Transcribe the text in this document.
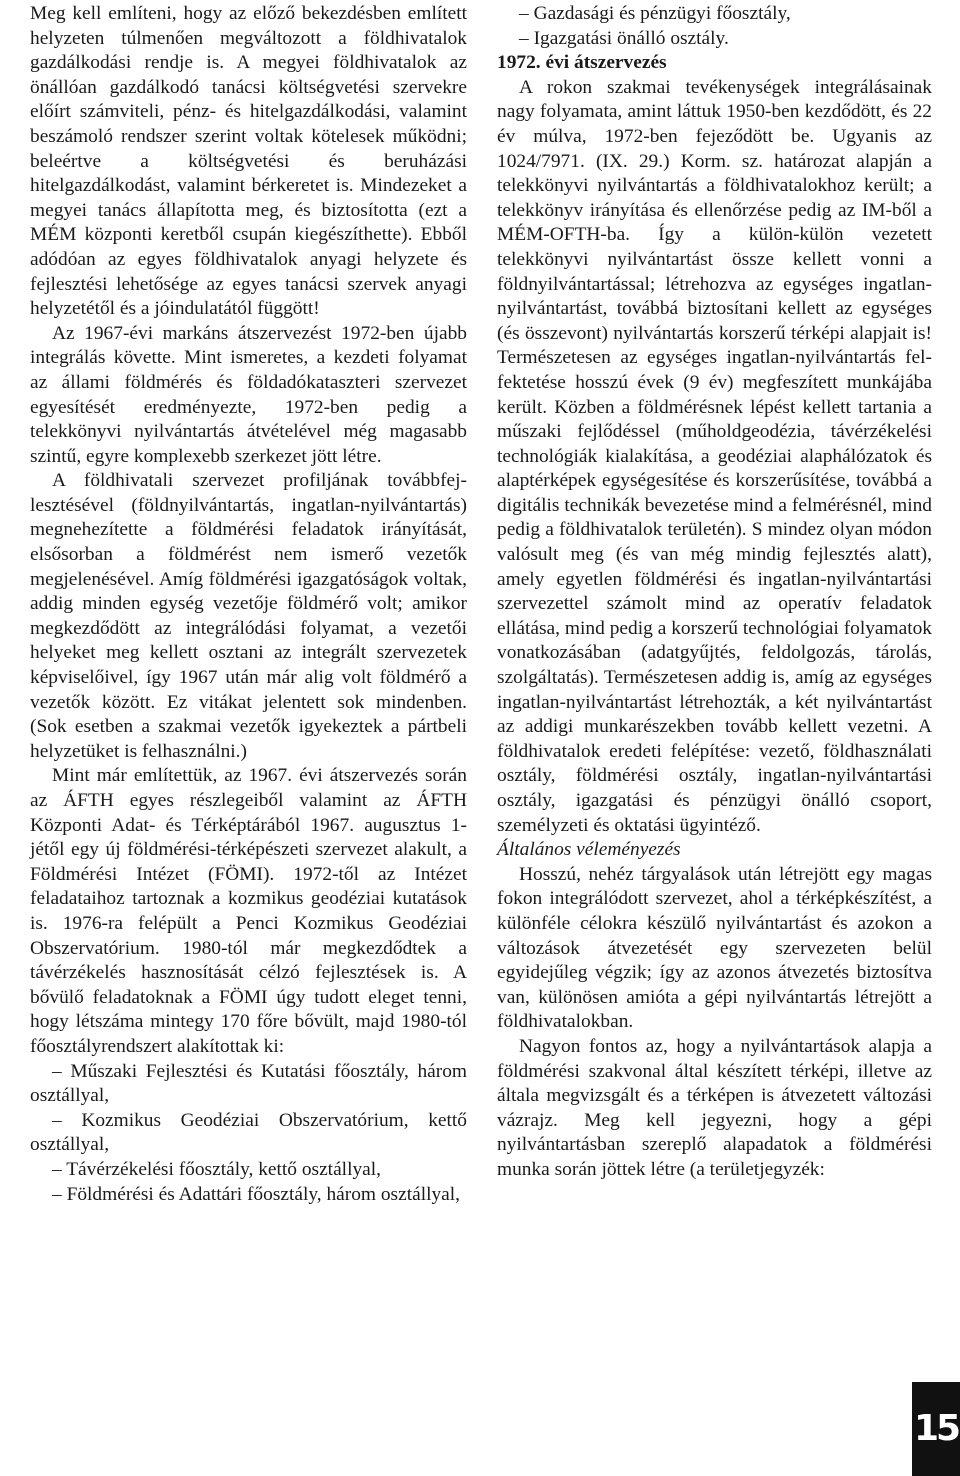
Meg kell említeni, hogy az előző bekezdésben említett helyzeten túlmenően megváltozott a földhivatalok gazdálkodási rendje is. A megyei földhivatalok az önállóan gazdálkodó tanácsi költségvetési szervekre előírt számviteli, pénz- és hitelgazdálkodási, valamint beszámoló rendszer szerint voltak kötelesek működni; beleértve a költségvetési és beruházási hitelgazdálkodást, valamint bérkeretet is. Mindezeket a megyei tanács állapította meg, és biztosította (ezt a MÉM központi keretből csupán kiegészíthette). Ebből adódóan az egyes földhivatalok anyagi helyzete és fejlesztési lehetősége az egyes tanácsi szervek anyagi helyzetétől és a jóindulatától függött!

Az 1967-évi markáns átszervezést 1972-ben újabb integrálás követte. Mint ismeretes, a kezdeti folyamat az állami földmérés és földadókataszteri szervezet egyesítését eredményezte, 1972-ben pedig a telekkönyvi nyilvántartás átvételével még magasabb szintű, egyre komplexebb szerkezet jött létre.

A földhivatali szervezet profiljának továbbfejlesztésével (földnyilvántartás, ingatlan-nyilvántartás) megnehezítette a földmérési feladatok irányítását, elsősorban a földmérést nem ismerő vezetők megjelenésével. Amíg földmérési igazgatóságok voltak, addig minden egység vezetője földmérő volt; amikor megkezdődött az integrálódási folyamat, a vezetői helyeket meg kellett osztani az integrált szervezetek képviselőivel, így 1967 után már alig volt földmérő a vezetők között. Ez vitákat jelentett sok mindenben. (Sok esetben a szakmai vezetők igyekeztek a pártbeli helyzetüket is felhasználni.)

Mint már említettük, az 1967. évi átszervezés során az ÁFTH egyes részlegeiből valamint az ÁFTH Központi Adat- és Térképtárából 1967. augusztus 1-jétől egy új földmérési-térképészeti szervezet alakult, a Földmérési Intézet (FÖMI). 1972-től az Intézet feladataihoz tartoznak a kozmikus geodéziai kutatások is. 1976-ra felépült a Penci Kozmikus Geodéziai Obszervatórium. 1980-tól már megkezdődtek a távérzékelés hasznosítását célzó fejlesztések is. A bővülő feladatoknak a FÖMI úgy tudott eleget tenni, hogy létszáma mintegy 170 főre bővült, majd 1980-tól főosztályrendszert alakítottak ki:

– Műszaki Fejlesztési és Kutatási főosztály, három osztállyal,

– Kozmikus Geodéziai Obszervatórium, kettő osztállyal,

– Távérzékelési főosztály, kettő osztállyal,

– Földmérési és Adattári főosztály, három osztállyal,

– Gazdasági és pénzügyi főosztály,

– Igazgatási önálló osztály.

1972. évi átszervezés

A rokon szakmai tevékenységek integrálásainak nagy folyamata, amint láttuk 1950-ben kezdődött, és 22 év múlva, 1972-ben fejeződött be. Ugyanis az 1024/7971. (IX. 29.) Korm. sz. határozat alapján a telekkönyvi nyilvántartás a földhivatalokhoz került; a telekkönyv irányítása és ellenőrzése pedig az IM-ből a MÉM-OFTH-ba. Így a külön-külön vezetett telekkönyvi nyilvántartást össze kellett vonni a földnyilvántartással; létrehozva az egységes ingatlan-nyilvántartást, továbbá biztosítani kellett az egységes (és összevont) nyilvántartás korszerű térképi alapjait is! Természetesen az egységes ingatlan-nyilvántartás felfektetése hosszú évek (9 év) megfeszített munkájába került. Közben a földmérésnek lépést kellett tartania a műszaki fejlődéssel (műholdgeodézia, távérzékelési technológiák kialakítása, a geodéziai alaphálózatok és alaptérképek egységesítése és korszerűsítése, továbbá a digitális technikák bevezetése mind a felmérésnél, mind pedig a földhivatalok területén). S mindez olyan módon valósult meg (és van még mindig fejlesztés alatt), amely egyetlen földmérési és ingatlan-nyilvántartási szervezettel számolt mind az operatív feladatok ellátása, mind pedig a korszerű technológiai folyamatok vonatkozásában (adatgyűjtés, feldolgozás, tárolás, szolgáltatás). Természetesen addig is, amíg az egységes ingatlan-nyilvántartást létrehozták, a két nyilvántartást az addigi munkarészekben tovább kellett vezetni. A földhivatalok eredeti felépítése: vezető, földhasználati osztály, földmérési osztály, ingatlan-nyilvántartási osztály, igazgatási és pénzügyi önálló csoport, személyzeti és oktatási ügyintéző.

Általános véleményezés

Hosszú, nehéz tárgyalások után létrejött egy magas fokon integrálódott szervezet, ahol a térképkészítést, a különféle célokra készülő nyilvántartást és azokon a változások átvezetését egy szervezeten belül egyidejűleg végzik; így az azonos átvezetés biztosítva van, különösen amióta a gépi nyilvántartás létrejött a földhivatalokban.

Nagyon fontos az, hogy a nyilvántartások alapja a földmérési szakvonal által készített térképi, illetve az általa megvizsgált és a térképen is átvezetett változási vázrajz. Meg kell jegyezni, hogy a gépi nyilvántartásban szereplő alapadatok a földmérési munka során jöttek létre (a területjegyzék:

15
